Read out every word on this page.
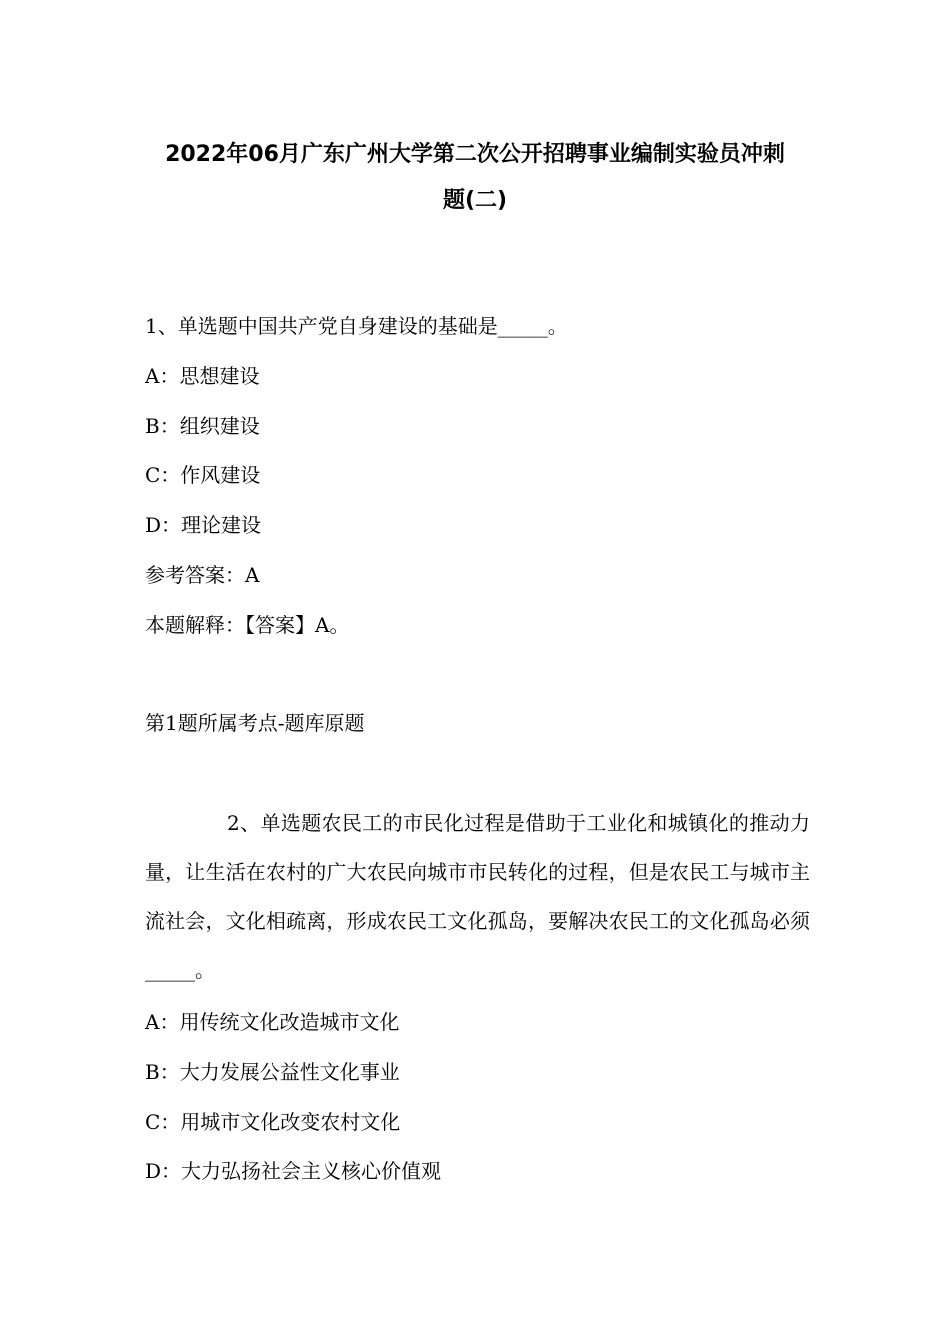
2022年06月广东广州大学第二次公开招聘事业编制实验员冲刺
题(二)
1、单选题中国共产党自身建设的基础是_____。
A：思想建设
B：组织建设
C：作风建设
D：理论建设
参考答案：A
本题解释：【答案】A。
第1题所属考点-题库原题
2、单选题农民工的市民化过程是借助于工业化和城镇化的推动力量，让生活在农村的广大农民向城市市民转化的过程，但是农民工与城市主流社会，文化相疏离，形成农民工文化孤岛，要解决农民工的文化孤岛必须_____。
A：用传统文化改造城市文化
B：大力发展公益性文化事业
C：用城市文化改变农村文化
D：大力弘扬社会主义核心价值观
